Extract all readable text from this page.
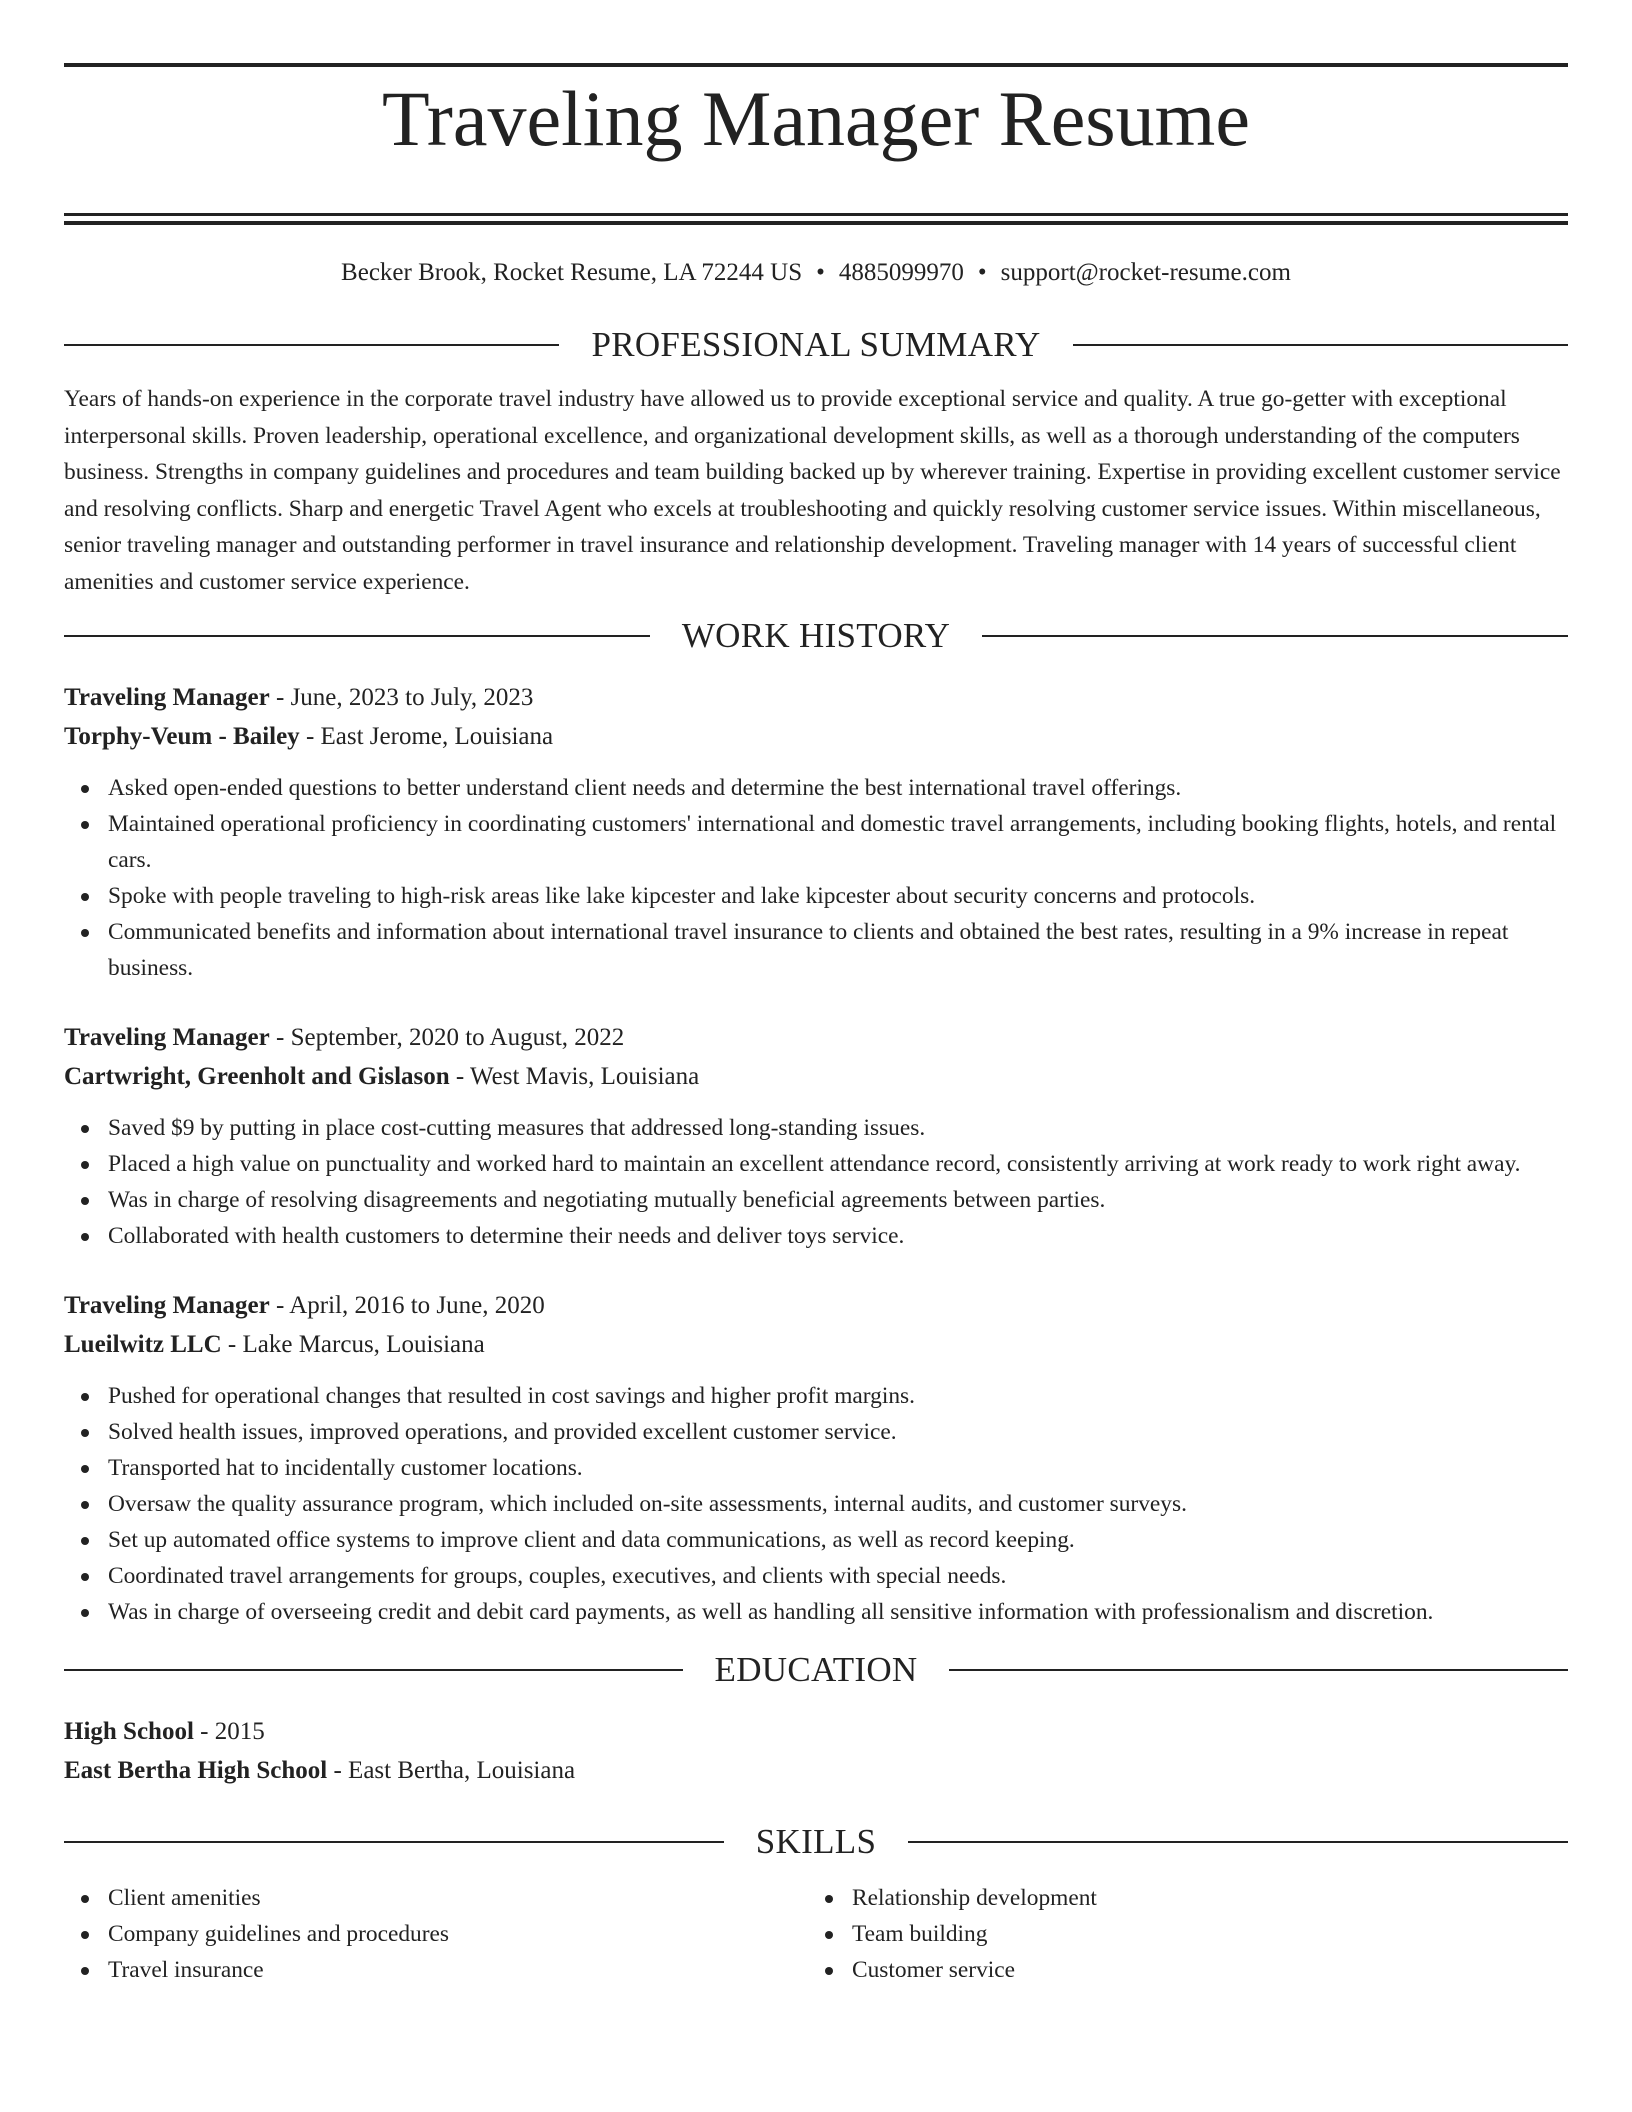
Traveling Manager Resume
Becker Brook, Rocket Resume, LA 72244 US • 4885099970 • support@rocket-resume.com
PROFESSIONAL SUMMARY

Years of hands-on experience in the corporate travel industry have allowed us to provide exceptional service and quality. A true go-getter with exceptional interpersonal skills. Proven leadership, operational excellence, and organizational development skills, as well as a thorough understanding of the computers business. Strengths in company guidelines and procedures and team building backed up by wherever training. Expertise in providing excellent customer service and resolving conflicts. Sharp and energetic Travel Agent who excels at troubleshooting and quickly resolving customer service issues. Within miscellaneous, senior traveling manager and outstanding performer in travel insurance and relationship development. Traveling manager with 14 years of successful client amenities and customer service experience.

WORK HISTORY

Traveling Manager - June, 2023 to July, 2023

Torphy-Veum - Bailey - East Jerome, Louisiana

Asked open-ended questions to better understand client needs and determine the best international travel offerings.
Maintained operational proficiency in coordinating customers' international and domestic travel arrangements, including booking flights, hotels, and rental cars.
Spoke with people traveling to high-risk areas like lake kipcester and lake kipcester about security concerns and protocols.
Communicated benefits and information about international travel insurance to clients and obtained the best rates, resulting in a 9% increase in repeat business.

Traveling Manager - September, 2020 to August, 2022

Cartwright, Greenholt and Gislason - West Mavis, Louisiana

Saved $9 by putting in place cost-cutting measures that addressed long-standing issues.
Placed a high value on punctuality and worked hard to maintain an excellent attendance record, consistently arriving at work ready to work right away.
Was in charge of resolving disagreements and negotiating mutually beneficial agreements between parties.
Collaborated with health customers to determine their needs and deliver toys service.

Traveling Manager - April, 2016 to June, 2020

Lueilwitz LLC - Lake Marcus, Louisiana

Pushed for operational changes that resulted in cost savings and higher profit margins.
Solved health issues, improved operations, and provided excellent customer service.
Transported hat to incidentally customer locations.
Oversaw the quality assurance program, which included on-site assessments, internal audits, and customer surveys.
Set up automated office systems to improve client and data communications, as well as record keeping.
Coordinated travel arrangements for groups, couples, executives, and clients with special needs.
Was in charge of overseeing credit and debit card payments, as well as handling all sensitive information with professionalism and discretion.
EDUCATION

High School - 2015

East Bertha High School - East Bertha, Louisiana

SKILLS
Client amenities
Company guidelines and procedures
Travel insurance
Relationship development
Team building
Customer service
